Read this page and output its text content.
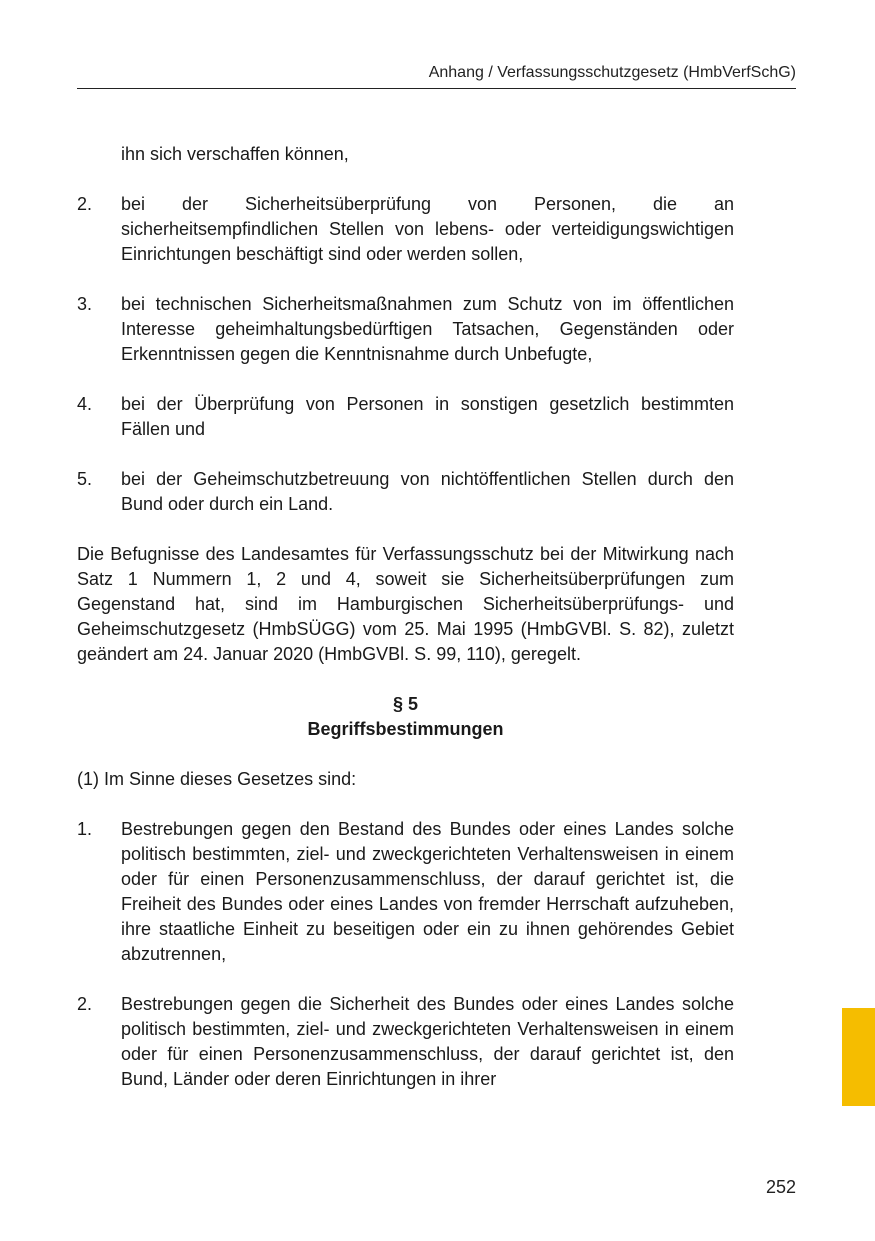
Anhang / Verfassungsschutzgesetz (HmbVerfSchG)

ihn sich verschaffen können,

2.	bei der Sicherheitsüberprüfung von Personen, die an sicherheitsempfindlichen Stellen von lebens- oder verteidigungswichtigen Einrichtungen beschäftigt sind oder werden sollen,
3.	bei technischen Sicherheitsmaßnahmen zum Schutz von im öffentlichen Interesse geheimhaltungsbedürftigen Tatsachen, Gegenständen oder Erkenntnissen gegen die Kenntnisnahme durch Unbefugte,
4.	bei der Überprüfung von Personen in sonstigen gesetzlich bestimmten Fällen und
5.	bei der Geheimschutzbetreuung von nichtöffentlichen Stellen durch den Bund oder durch ein Land.

Die Befugnisse des Landesamtes für Verfassungsschutz bei der Mitwirkung nach Satz 1 Nummern 1, 2 und 4, soweit sie Sicherheitsüberprüfungen zum Gegenstand hat, sind im Hamburgischen Sicherheitsüberprüfungs- und Geheimschutzgesetz (HmbSÜGG) vom 25. Mai 1995 (HmbGVBl. S. 82), zuletzt geändert am 24. Januar 2020 (HmbGVBl. S. 99, 110), geregelt.

§ 5

Begriffsbestimmungen

(1) Im Sinne dieses Gesetzes sind:

1.	Bestrebungen gegen den Bestand des Bundes oder eines Landes solche politisch bestimmten, ziel- und zweckgerichteten Verhaltensweisen in einem oder für einen Personenzusammenschluss, der darauf gerichtet ist, die Freiheit des Bundes oder eines Landes von fremder Herrschaft aufzuheben, ihre staatliche Einheit zu beseitigen oder ein zu ihnen gehörendes Gebiet abzutrennen,
2.	Bestrebungen gegen die Sicherheit des Bundes oder eines Landes solche politisch bestimmten, ziel- und zweckgerichteten Verhaltensweisen in einem oder für einen Personenzusammenschluss, der darauf gerichtet ist, den Bund, Länder oder deren Einrichtungen in ihrer
252
